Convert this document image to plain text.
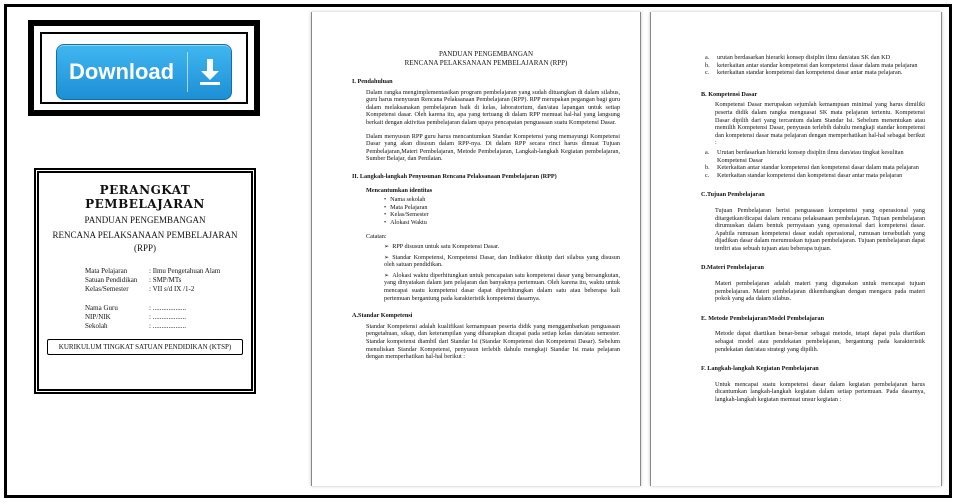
Download
PERANGKAT PEMBELAJARAN
PANDUAN PENGEMBANGAN
RENCANA PELAKSANAAN PEMBELAJARAN
(RPP)
Mata Pelajaran	: Ilmu Pengetahuan Alam
Satuan Pendidikan	: SMP/MTs
Kelas/Semester	: VII s/d IX /1-2
Nama Guru	: ...................
NIP/NIK	: ...................
Sekolah	: ...................
KURIKULUM TINGKAT SATUAN PENDIDIKAN (KTSP)
PANDUAN PENGEMBANGAN
RENCANA PELAKSANAAN PEMBELAJARAN (RPP)
I. Pendahuluan
Dalam rangka mengimplementasikan program pembelajaran yang sudah dituangkan di dalam silabus, guru harus menyusun Rencana Pelaksanaan Pembelajaran (RPP). RPP merupakan pegangan bagi guru dalam melaksanakan pembelajaran baik di kelas, laboratorium, dan/atau lapangan untuk setiap Kompetensi dasar. Oleh karena itu, apa yang tertuang di dalam RPP memuat hal-hal yang langsung berkait dengan aktivitas pembelajaran dalam upaya pencapaian penguasaan suatu Kompetensi Dasar.
Dalam menyusun RPP guru harus mencantumkan Standar Kompetensi yang memayungi Kompetensi Dasar yang akan disusun dalam RPP-nya. Di dalam RPP secara rinci harus dimuat Tujuan Pembelajaran,Materi Pembelajaran, Metode Pembelajaran, Langkah-langkah Kegiatan pembelajaran, Sumber Belajar, dan Penilaian.
II. Langkah-langkah Penyusunan Rencana Pelaksanaan Pembelajaran (RPP)
Mencantumkan identitas
• Nama sekolah
• Mata Pelajaran
• Kelas/Semester
• Alokasi Waktu
Catatan:
➢ RPP disusun untuk satu Kompetensi Dasar.
➢ Standar Kompetensi, Kompetensi Dasar, dan Indikator dikutip dari silabus yang disusun oleh satuan pendidikan.
➢ Alokasi waktu diperhitungkan untuk pencapaian satu kompetensi dasar yang bersangkutan, yang dinyatakan dalam jam pelajaran dan banyaknya pertemuan. Oleh karena itu, waktu untuk mencapai suatu kompetensi dasar dapat diperhitungkan dalam satu atau beberapa kali pertemuan bergantung pada karakteristik kompetensi dasarnya.
A.Standar Kompetensi
Standar Kompetensi adalah kualifikasi kemampuan peserta didik yang menggambarkan penguasaan pengetahuan, sikap, dan keterampilan yang diharapkan dicapai pada setiap kelas dan/atau semester. Standar kompetensi diambil dari Standar Isi (Standar Kompetensi dan Kompetensi Dasar). Sebelum menuliskan Standar Kompetensi, penyusun terlebih dahulu mengkaji Standar Isi mata pelajaran dengan memperhatikan hal-hal berikut :
a.	urutan berdasarkan hierarki konsep disiplin ilmu dan/atau SK dan KD
b.	keterkaitan antar standar kompetensi dan kompetensi dasar dalam mata pelajaran
c.	keterkaitan standar kompetensi dan kompetensi dasar antar mata pelajaran.
B. Kompetensi Dasar
Kompetensi Dasar merupakan sejumlah kemampuan minimal yang harus dimiliki peserta didik dalam rangka menguasai SK mata pelajaran tertentu. Kompetensi Dasar dipilih dari yang tercantum dalam Standar Isi. Sebelum menentukan atau memilih Kompetensi Dasar, penyusun terlebih dahulu mengkaji standar kompetensi dan kompetensi dasar mata pelajaran dengan memperhatikan hal-hal sebagai berikut :
a.	Urutan berdasarkan hierarki konsep disiplin ilmu dan/atau tingkat kesulitan Kompetensi Dasar
b.	Keterkaitan antar standar kompetensi dan kompetensi dasar dalam mata pelajaran
c.	Keterkaitan standar kompetensi dan kompetensi dasar antar mata pelajaran
C.Tujuan Pembelajaran
Tujuan Pembelajaran berisi penguasaan kompetensi yang operasional yang ditargetkan/dicapai dalam rencana pelaksanaan pembelajaran. Tujuan pembelajaran dirumuskan dalam bentuk pernyataan yang operasional dari kompetensi dasar. Apabila rumusan kompetensi dasar sudah operasional, rumusan tersebutlah yang dijadikan dasar dalam merumuskan tujuan pembelajaran. Tujuan pembelajaran dapat terdiri atas sebuah tujuan atau beberapa tujuan.
D.Materi Pembelajaran
Materi pembelajaran adalah materi yang digunakan untuk mencapai tujuan pembelajaran. Materi pembelajaran dikembangkan dengan mengacu pada materi pokok yang ada dalam silabus.
E. Metode Pembelajaran/Model Pembelajaran
Metode dapat diartikan benar-benar sebagai metode, tetapi dapat pula diartikan sebagai model atau pendekatan pembelajaran, bergantung pada karakteristik pendekatan dan/atau strategi yang dipilih.
F. Langkah-langkah Kegiatan Pembelajaran
Untuk mencapai suatu kompetensi dasar dalam kegiatan pembelajaran harus dicantumkan langkah-langkah kegiatan dalam setiap pertemuan. Pada dasarnya, langkah-langkah kegiatan memuat unsur kegiatan :
